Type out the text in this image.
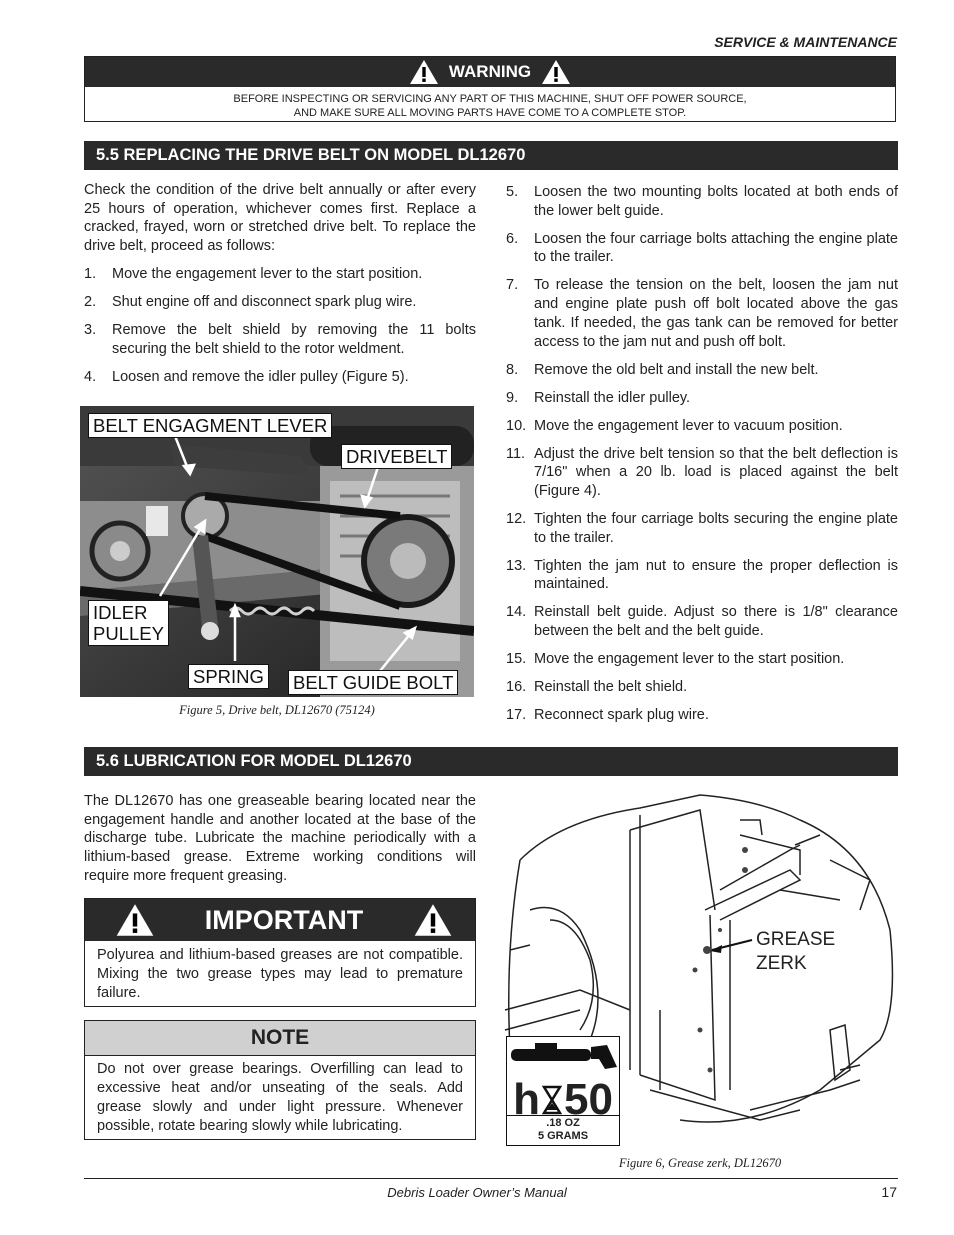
SERVICE & MAINTENANCE
WARNING
BEFORE INSPECTING OR SERVICING ANY PART OF THIS MACHINE, SHUT OFF POWER SOURCE,
AND MAKE SURE ALL MOVING PARTS HAVE COME TO A COMPLETE STOP.
5.5 REPLACING THE DRIVE BELT ON MODEL DL12670
Check the condition of the drive belt annually or after every 25 hours of operation, whichever comes first. Replace a cracked, frayed, worn or stretched drive belt. To replace the drive belt, proceed as follows:
1. Move the engagement lever to the start position.
2. Shut engine off and disconnect spark plug wire.
3. Remove the belt shield by removing the 11 bolts securing the belt shield to the rotor weldment.
4. Loosen and remove the idler pulley (Figure 5).
BELT ENGAGMENT LEVER
DRIVEBELT
IDLER
PULLEY
SPRING BELT GUIDE BOLT
Figure 5, Drive belt, DL12670 (75124)
5. Loosen the two mounting bolts located at both ends of the lower belt guide.
6. Loosen the four carriage bolts attaching the engine plate to the trailer.
7. To release the tension on the belt, loosen the jam nut and engine plate push off bolt located above the gas tank. If needed, the gas tank can be removed for better access to the jam nut and push off bolt.
8. Remove the old belt and install the new belt.
9. Reinstall the idler pulley.
10. Move the engagement lever to vacuum position.
11. Adjust the drive belt tension so that the belt deflection is 7/16" when a 20 lb. load is placed against the belt (Figure 4).
12. Tighten the four carriage bolts securing the engine plate to the trailer.
13. Tighten the jam nut to ensure the proper deflection is maintained.
14. Reinstall belt guide. Adjust so there is 1/8" clearance between the belt and the belt guide.
15. Move the engagement lever to the start position.
16. Reinstall the belt shield.
17. Reconnect spark plug wire.
5.6 LUBRICATION FOR MODEL DL12670
The DL12670 has one greaseable bearing located near the engagement handle and another located at the base of the discharge tube. Lubricate the machine periodically with a lithium-based grease. Extreme working conditions will require more frequent greasing.
IMPORTANT
Polyurea and lithium-based greases are not compatible. Mixing the two grease types may lead to premature failure.
NOTE
Do not over grease bearings. Overfilling can lead to excessive heat and/or unseating of the seals. Add grease slowly and under light pressure. Whenever possible, rotate bearing slowly while lubricating.
GREASE
ZERK
h 50
.18 OZ
5 GRAMS
Figure 6, Grease zerk, DL12670
Debris Loader Owner’s Manual	17
